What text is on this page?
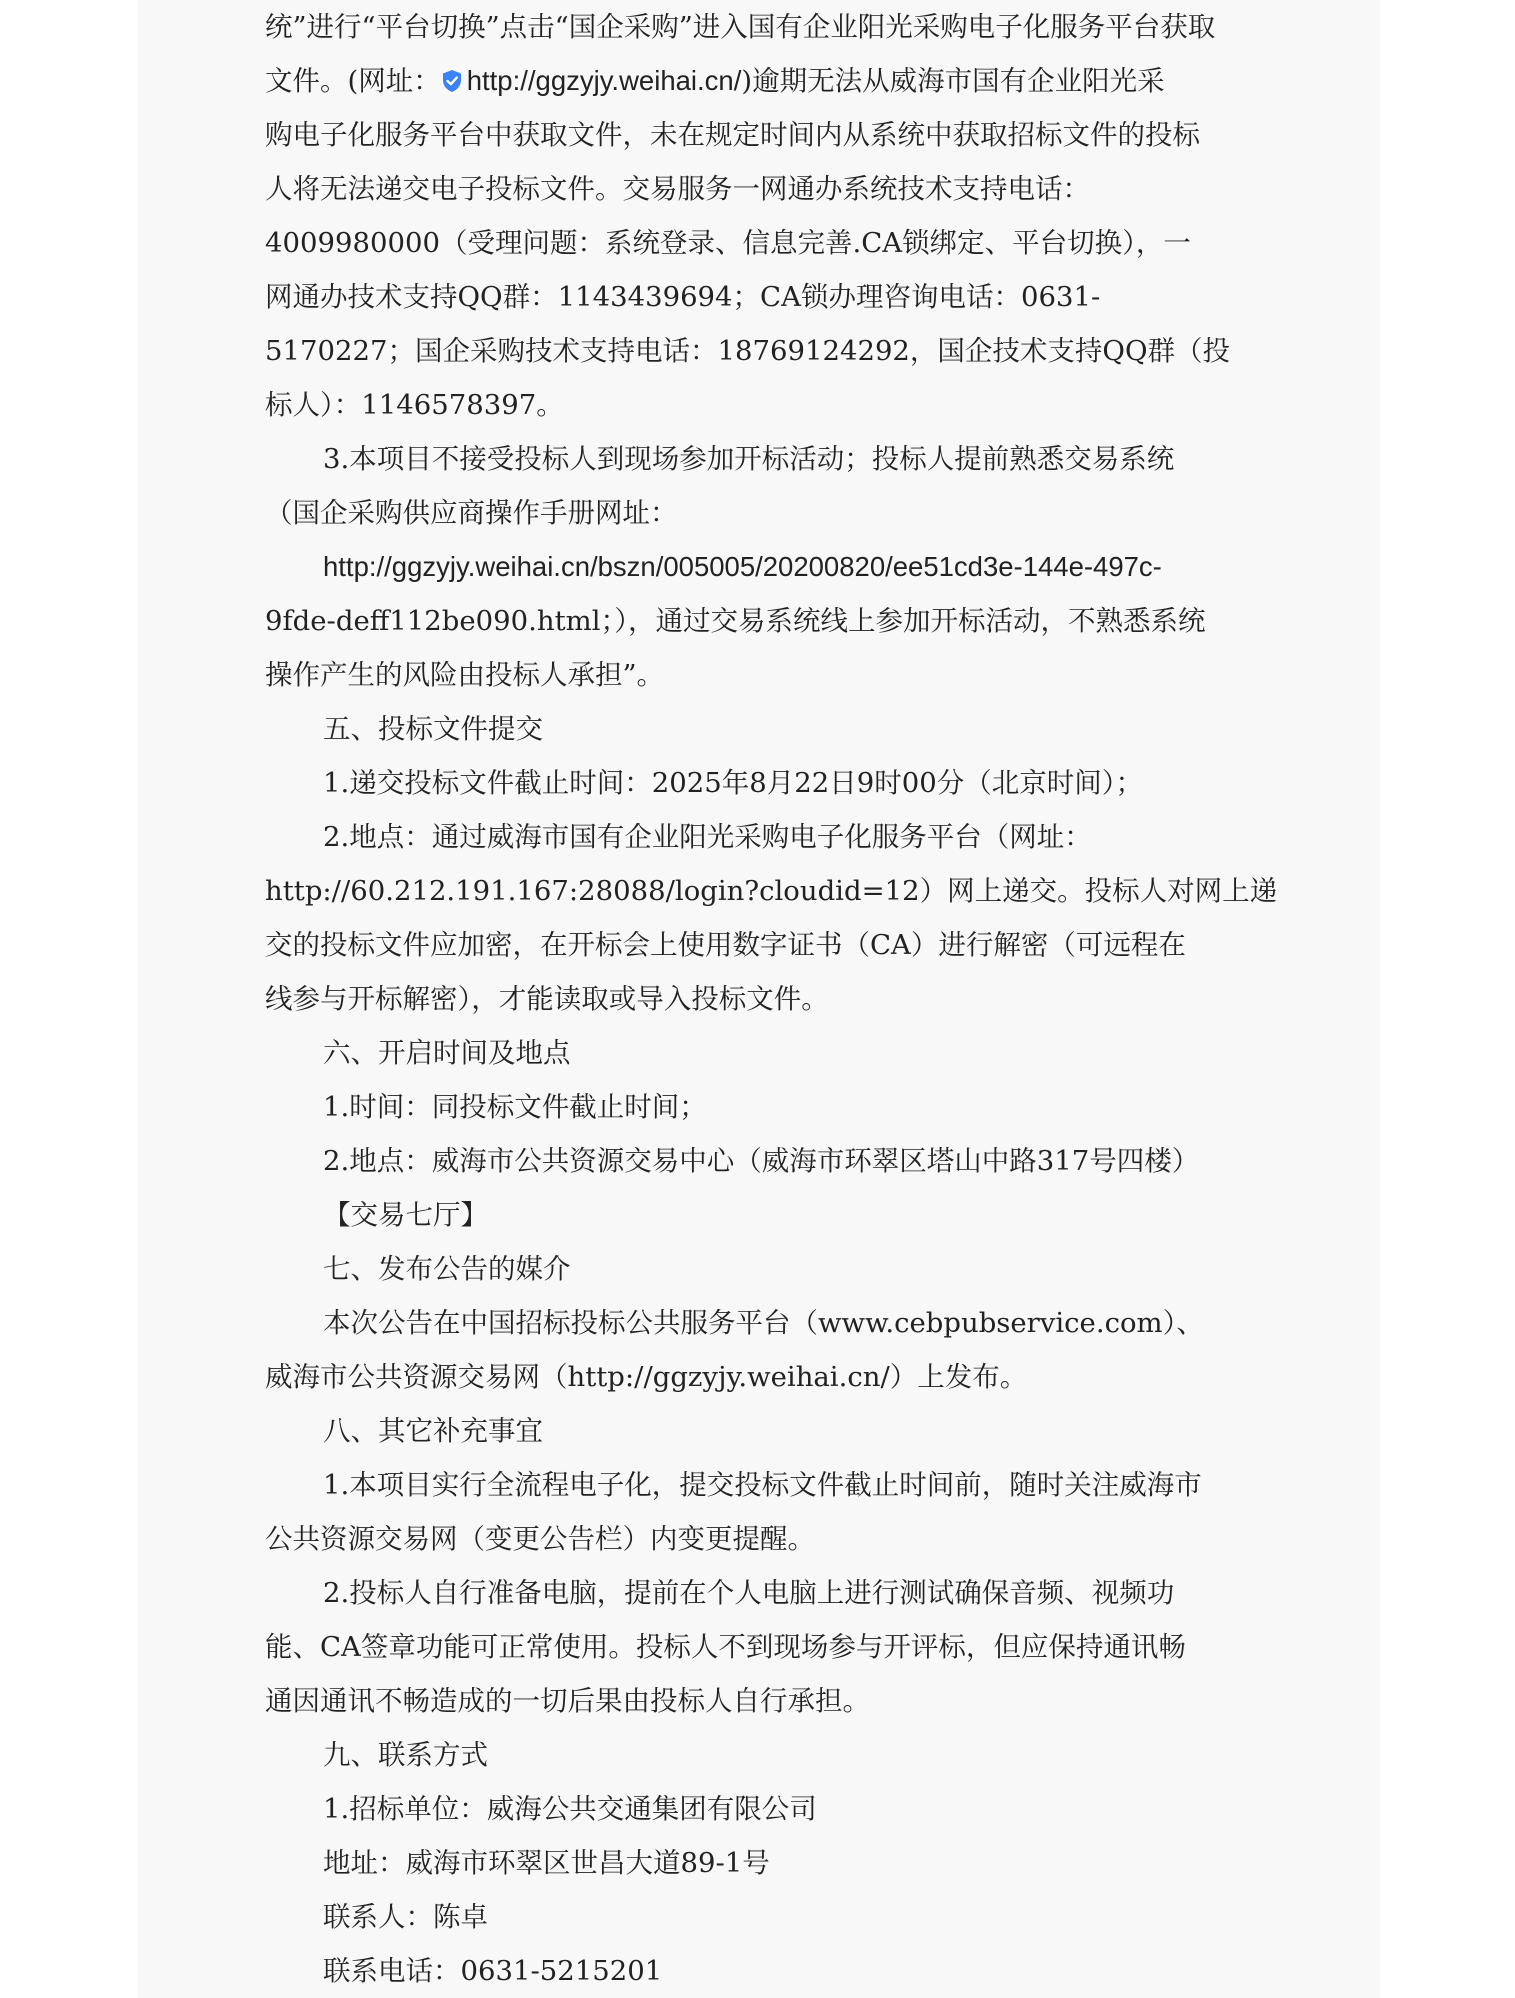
统”进行“平台切换”点击“国企采购”进入国有企业阳光采购电子化服务平台获取
文件。(网址： http://ggzyjy.weihai.cn/)逾期无法从威海市国有企业阳光采
购电子化服务平台中获取文件，未在规定时间内从系统中获取招标文件的投标
人将无法递交电子投标文件。交易服务一网通办系统技术支持电话：
4009980000（受理问题：系统登录、信息完善.CA锁绑定、平台切换），一
网通办技术支持QQ群：1143439694；CA锁办理咨询电话：0631-
5170227；国企采购技术支持电话：18769124292，国企技术支持QQ群（投
标人）：1146578397。
3.本项目不接受投标人到现场参加开标活动；投标人提前熟悉交易系统
（国企采购供应商操作手册网址：
http://ggzyjy.weihai.cn/bszn/005005/20200820/ee51cd3e-144e-497c-
9fde-deff112be090.html；），通过交易系统线上参加开标活动，不熟悉系统
操作产生的风险由投标人承担”。
五、投标文件提交
1.递交投标文件截止时间：2025年8月22日9时00分（北京时间）；
2.地点：通过威海市国有企业阳光采购电子化服务平台（网址：
http://60.212.191.167:28088/login?cloudid=12）网上递交。投标人对网上递
交的投标文件应加密，在开标会上使用数字证书（CA）进行解密（可远程在
线参与开标解密），才能读取或导入投标文件。
六、开启时间及地点
1.时间：同投标文件截止时间；
2.地点：威海市公共资源交易中心（威海市环翠区塔山中路317号四楼）
【交易七厅】
七、发布公告的媒介
本次公告在中国招标投标公共服务平台（www.cebpubservice.com）、
威海市公共资源交易网（http://ggzyjy.weihai.cn/）上发布。
八、其它补充事宜
1.本项目实行全流程电子化，提交投标文件截止时间前，随时关注威海市
公共资源交易网（变更公告栏）内变更提醒。
2.投标人自行准备电脑，提前在个人电脑上进行测试确保音频、视频功
能、CA签章功能可正常使用。投标人不到现场参与开评标，但应保持通讯畅
通因通讯不畅造成的一切后果由投标人自行承担。
九、联系方式
1.招标单位：威海公共交通集团有限公司
地址：威海市环翠区世昌大道89-1号
联系人：陈卓
联系电话：0631-5215201
